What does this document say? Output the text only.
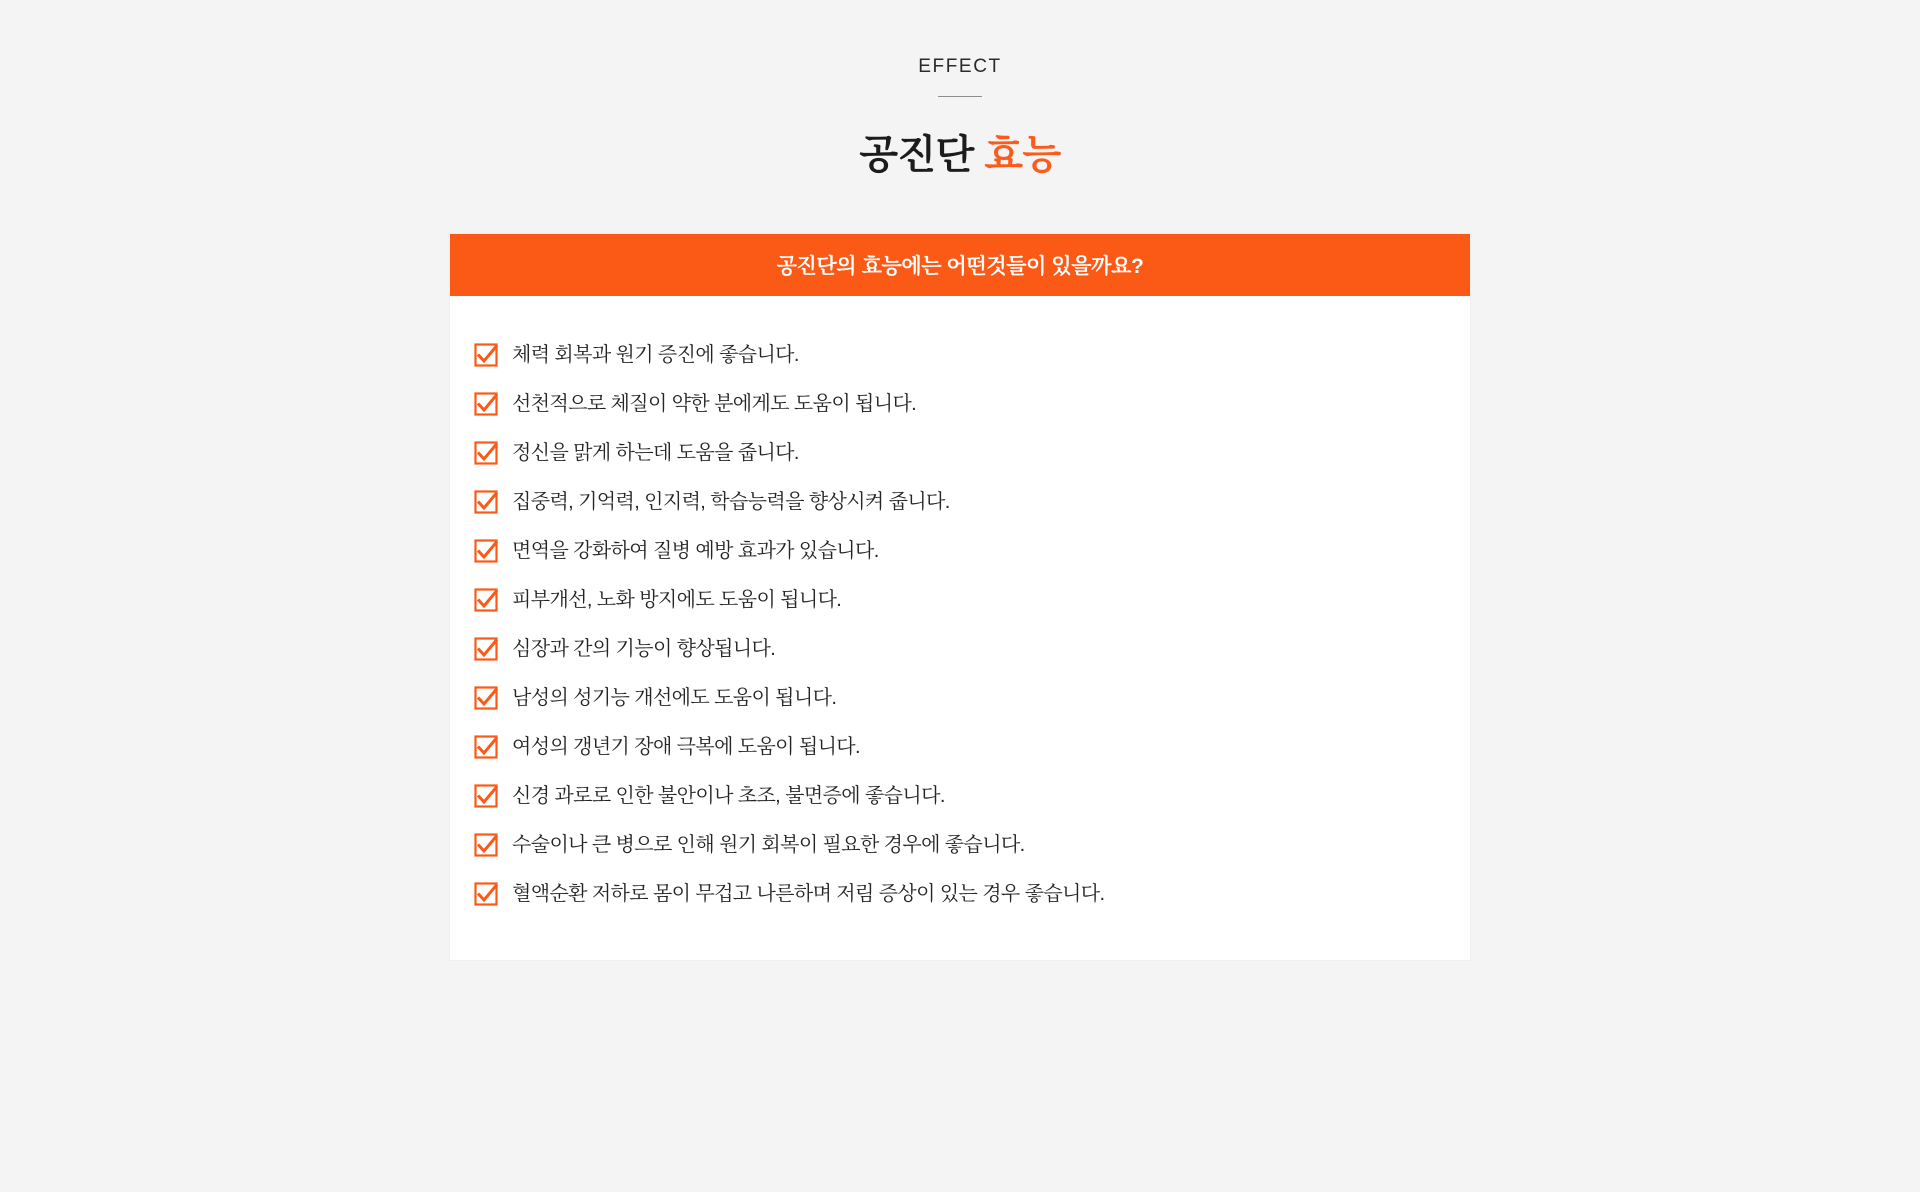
EFFECT
공진단 효능
공진단의 효능에는 어떤것들이 있을까요?
체력 회복과 원기 증진에 좋습니다.
선천적으로 체질이 약한 분에게도 도움이 됩니다.
정신을 맑게 하는데 도움을 줍니다.
집중력, 기억력, 인지력, 학습능력을 향상시켜 줍니다.
면역을 강화하여 질병 예방 효과가 있습니다.
피부개선, 노화 방지에도 도움이 됩니다.
심장과 간의 기능이 향상됩니다.
남성의 성기능 개선에도 도움이 됩니다.
여성의 갱년기 장애 극복에 도움이 됩니다.
신경 과로로 인한 불안이나 초조, 불면증에 좋습니다.
수술이나 큰 병으로 인해 원기 회복이 필요한 경우에 좋습니다.
혈액순환 저하로 몸이 무겁고 나른하며 저림 증상이 있는 경우 좋습니다.
